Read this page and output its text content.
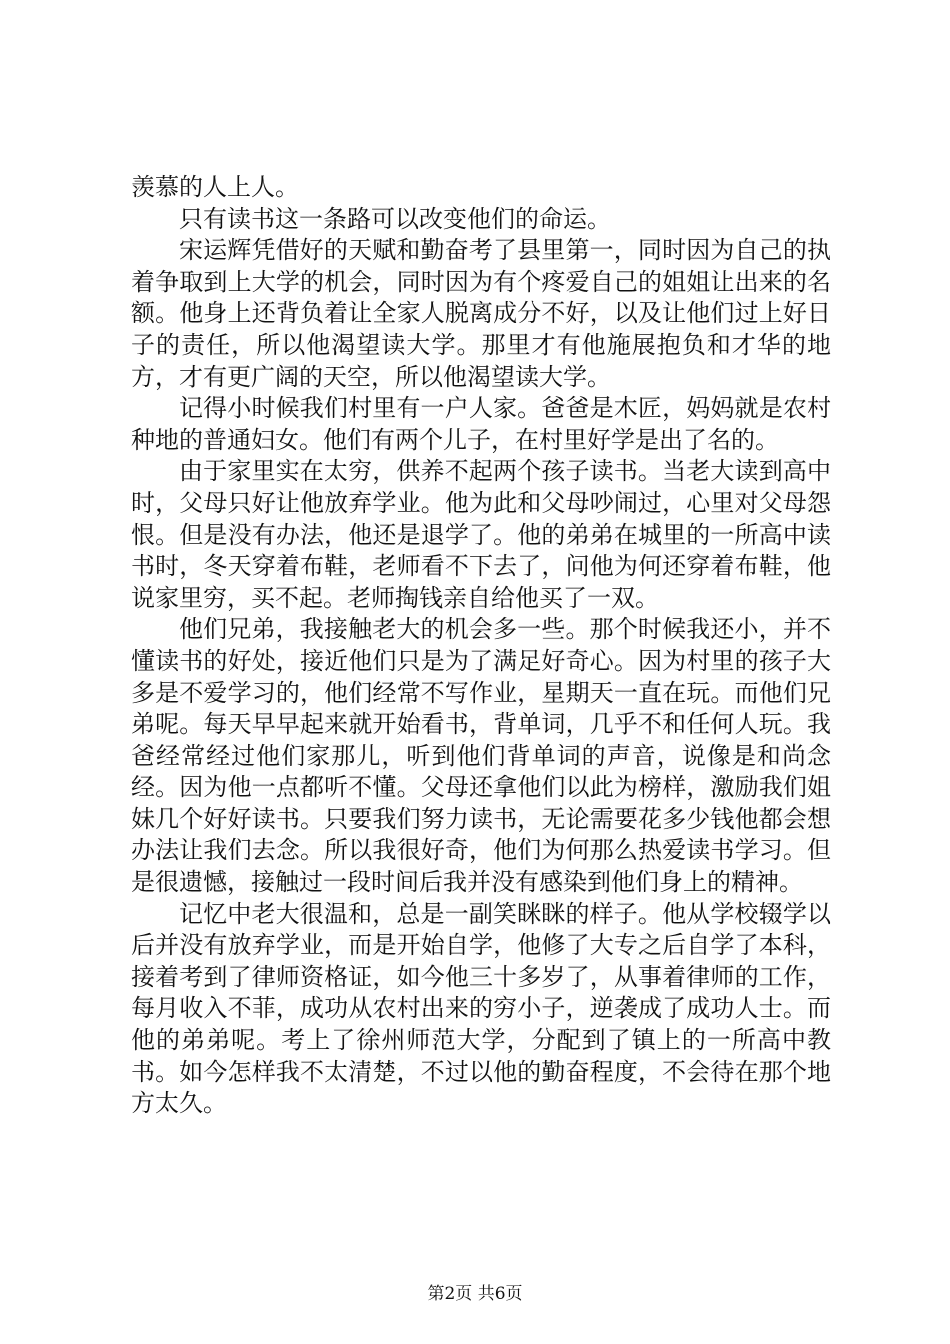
羡慕的人上人。

只有读书这一条路可以改变他们的命运。

宋运辉凭借好的天赋和勤奋考了县里第一，同时因为自己的执着争取到上大学的机会，同时因为有个疼爱自己的姐姐让出来的名额。他身上还背负着让全家人脱离成分不好，以及让他们过上好日子的责任，所以他渴望读大学。那里才有他施展抱负和才华的地方，才有更广阔的天空，所以他渴望读大学。

记得小时候我们村里有一户人家。爸爸是木匠，妈妈就是农村种地的普通妇女。他们有两个儿子，在村里好学是出了名的。

由于家里实在太穷，供养不起两个孩子读书。当老大读到高中时，父母只好让他放弃学业。他为此和父母吵闹过，心里对父母怨恨。但是没有办法，他还是退学了。他的弟弟在城里的一所高中读书时，冬天穿着布鞋，老师看不下去了，问他为何还穿着布鞋，他说家里穷，买不起。老师掏钱亲自给他买了一双。

他们兄弟，我接触老大的机会多一些。那个时候我还小，并不懂读书的好处，接近他们只是为了满足好奇心。因为村里的孩子大多是不爱学习的，他们经常不写作业，星期天一直在玩。而他们兄弟呢。每天早早起来就开始看书，背单词，几乎不和任何人玩。我爸经常经过他们家那儿，听到他们背单词的声音，说像是和尚念经。因为他一点都听不懂。父母还拿他们以此为榜样，激励我们姐妹几个好好读书。只要我们努力读书，无论需要花多少钱他都会想办法让我们去念。所以我很好奇，他们为何那么热爱读书学习。但是很遗憾，接触过一段时间后我并没有感染到他们身上的精神。

记忆中老大很温和，总是一副笑眯眯的样子。他从学校辍学以后并没有放弃学业，而是开始自学，他修了大专之后自学了本科，接着考到了律师资格证，如今他三十多岁了，从事着律师的工作，每月收入不菲，成功从农村出来的穷小子，逆袭成了成功人士。而他的弟弟呢。考上了徐州师范大学，分配到了镇上的一所高中教书。如今怎样我不太清楚，不过以他的勤奋程度，不会待在那个地方太久。

第2页 共6页
